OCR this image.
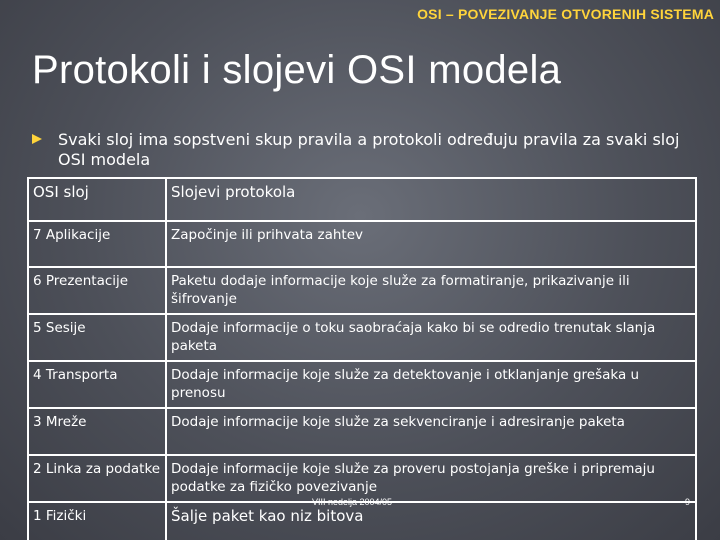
OSI – POVEZIVANJE OTVORENIH SISTEMA
Protokoli i slojevi OSI modela
Svaki sloj ima sopstveni skup pravila a protokoli određuju pravila za svaki sloj OSI modela
OSI sloj	Slojevi protokola
7 Aplikacije	Započinje ili prihvata zahtev
6 Prezentacije	Paketu dodaje informacije koje služe za formatiranje, prikazivanje ili šifrovanje
5 Sesije	Dodaje informacije o toku saobraćaja kako bi se odredio trenutak slanja paketa
4 Transporta	Dodaje informacije koje služe za detektovanje i otklanjanje grešaka u prenosu
3 Mreže	Dodaje informacije koje služe za sekvenciranje i adresiranje paketa
2 Linka za podatke	Dodaje informacije koje služe za proveru postojanja greške i pripremaju podatke za fizičko povezivanje
1 Fizički	Šalje paket kao niz bitova
VIII nedelja 2004/05	9
